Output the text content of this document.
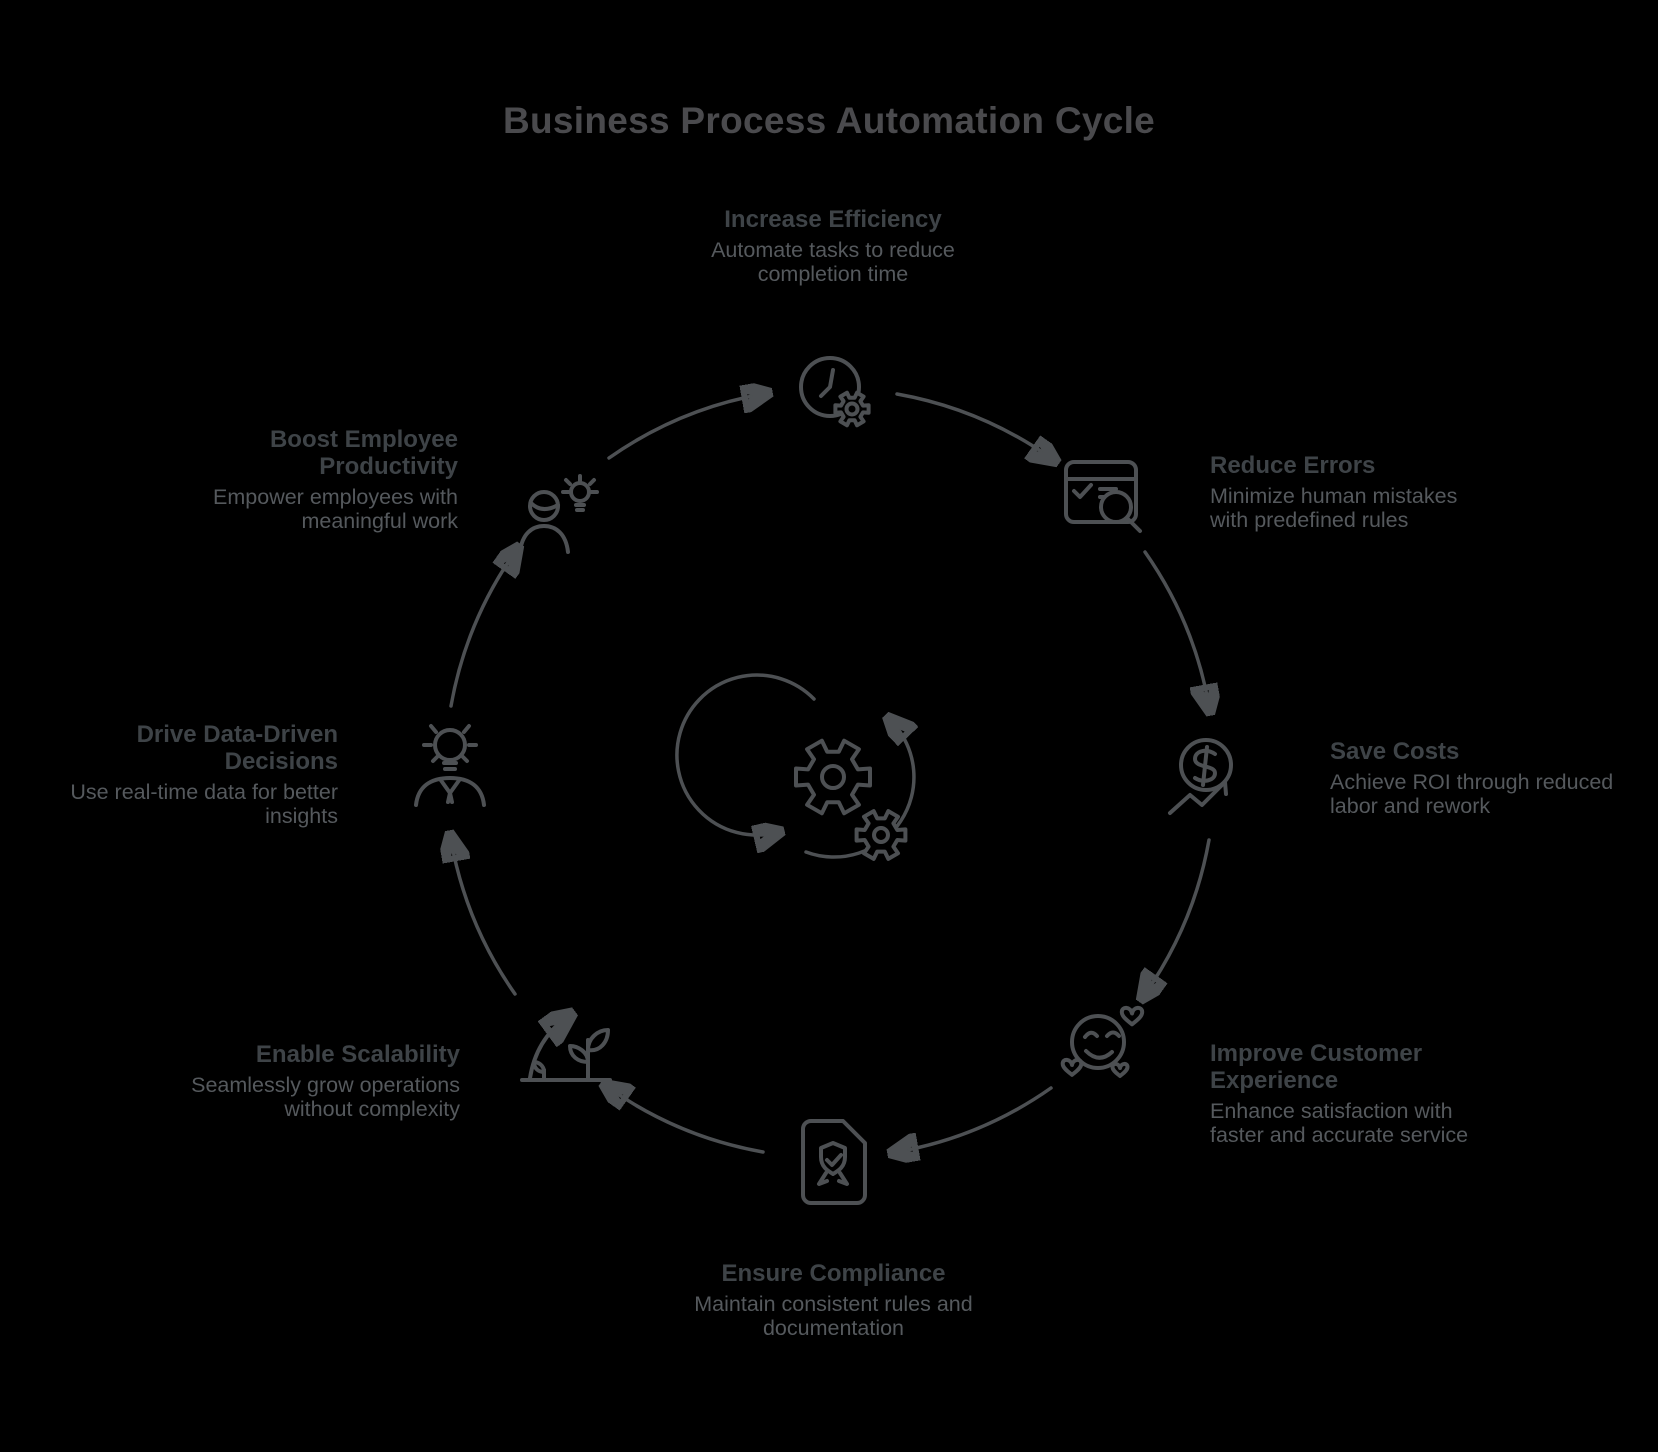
Business Process Automation Cycle
Increase Efficiency
Automate tasks to reduce completion time
Reduce Errors
Minimize human mistakes with predefined rules
Save Costs
Achieve ROI through reduced labor and rework
Improve Customer Experience
Enhance satisfaction with faster and accurate service
Ensure Compliance
Maintain consistent rules and documentation
Enable Scalability
Seamlessly grow operations without complexity
Drive Data-Driven Decisions
Use real-time data for better insights
Boost Employee Productivity
Empower employees with meaningful work
